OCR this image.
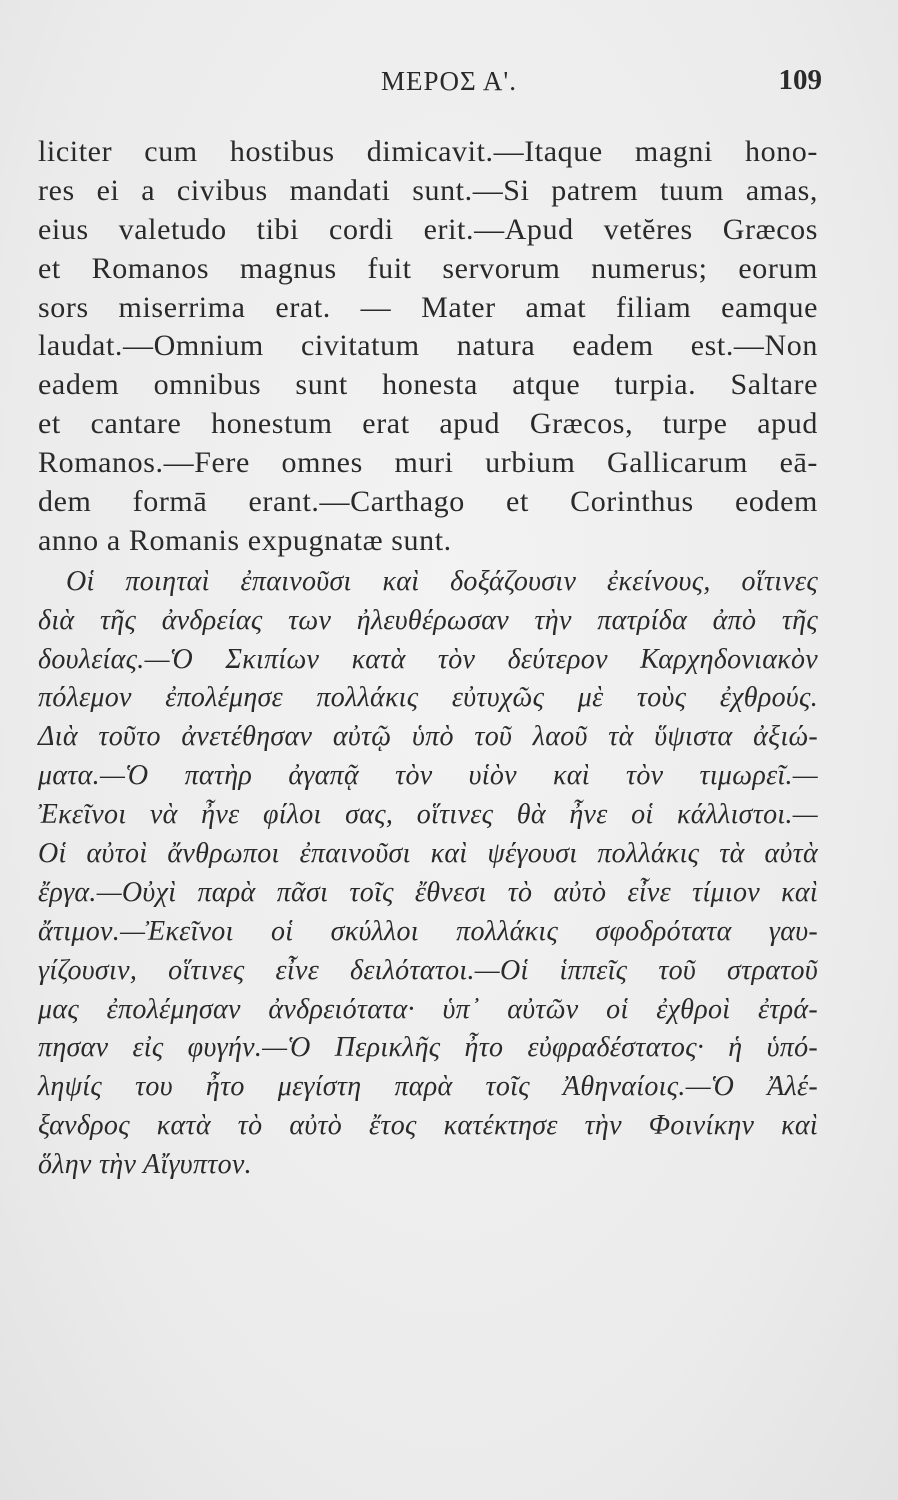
ΜΕΡΟΣ Α'.	109
liciter cum hostibus dimicavit.—Itaque magni hono-
res ei a civibus mandati sunt.—Si patrem tuum amas,
eius valetudo tibi cordi erit.—Apud vetĕres Græcos
et Romanos magnus fuit servorum numerus; eorum
sors miserrima erat. — Mater amat filiam eamque
laudat.—Omnium civitatum natura eadem est.—Non
eadem omnibus sunt honesta atque turpia. Saltare
et cantare honestum erat apud Græcos, turpe apud
Romanos.—Fere omnes muri urbium Gallicarum eā-
dem formā erant.—Carthago et Corinthus eodem
anno a Romanis expugnatæ sunt.
Οἱ ποιηταὶ ἐπαινοῦσι καὶ δοξάζουσιν ἐκείνους, οἵτινες
διὰ τῆς ἀνδρείας των ἠλευθέρωσαν τὴν πατρίδα ἀπὸ τῆς
δουλείας.—Ὁ Σκιπίων κατὰ τὸν δεύτερον Καρχηδονιακὸν
πόλεμον ἐπολέμησε πολλάκις εὐτυχῶς μὲ τοὺς ἐχθρούς.
Διὰ τοῦτο ἀνετέθησαν αὐτῷ ὑπὸ τοῦ λαοῦ τὰ ὕψιστα ἀξιώ-
ματα.—Ὁ πατὴρ ἀγαπᾷ τὸν υἱὸν καὶ τὸν τιμωρεῖ.—
Ἐκεῖνοι νὰ ἦνε φίλοι σας, οἵτινες θὰ ἦνε οἱ κάλλιστοι.—
Οἱ αὐτοὶ ἄνθρωποι ἐπαινοῦσι καὶ ψέγουσι πολλάκις τὰ αὐτὰ
ἔργα.—Οὐχὶ παρὰ πᾶσι τοῖς ἔθνεσι τὸ αὐτὸ εἶνε τίμιον καὶ
ἄτιμον.—Ἐκεῖνοι οἱ σκύλλοι πολλάκις σφοδρότατα γαυ-
γίζουσιν, οἵτινες εἶνε δειλότατοι.—Οἱ ἱππεῖς τοῦ στρατοῦ
μας ἐπολέμησαν ἀνδρειότατα· ὑπ᾽ αὐτῶν οἱ ἐχθροὶ ἐτρά-
πησαν εἰς φυγήν.—Ὁ Περικλῆς ἦτο εὐφραδέστατος· ἡ ὑπό-
ληψίς του ἦτο μεγίστη παρὰ τοῖς Ἀθηναίοις.—Ὁ Ἀλέ-
ξανδρος κατὰ τὸ αὐτὸ ἔτος κατέκτησε τὴν Φοινίκην καὶ
ὅλην τὴν Αἴγυπτον.
